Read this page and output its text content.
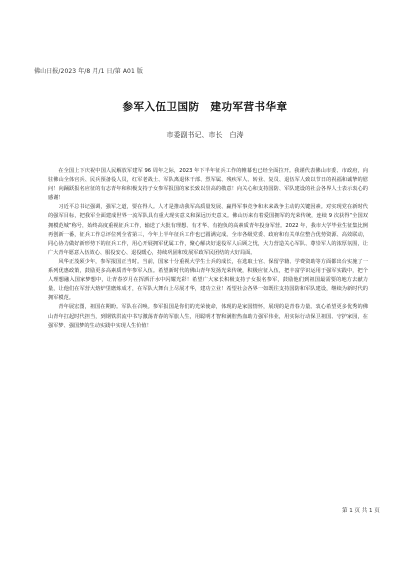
佛山日报/2023 年/8 月/1 日/第 A01 版
参军入伍卫国防　建功军营书华章
市委副书记、市长　白涛

在全国上下庆祝中国人民解放军建军 96 周年之际，2023 年下半年征兵工作的帷幕也已经全面拉开。我谨代表佛山市委、市政府，向驻佛山全体官兵、民兵预备役人员，红军老战士、军队离退休干部、烈军属、残疾军人、转业、复员、退伍军人致以节日的祝福和诚挚的慰问！向踊跃报名应征的有志青年和积极支持子女参军报国的家长致以崇高的敬意！向关心和支持国防、军队建设的社会各界人士表示衷心的感谢！

习近平总书记强调，强军之道，要在得人。人才是推动我军高质量发展、赢得军事竞争和未来战争主动的关键因素。对实现党在新时代的强军目标，把我军全面建成世界一流军队具有重大现实意义和深远历史意义。佛山历来有着爱国拥军的光荣传统，连续 9 次获得“全国双拥模范城”称号，始终高度重视征兵工作，输送了大批有理想、有才华、有抱负的高素质青年投身军营。2022 年，我市大学毕业生征集比例再创新一番，征兵工作总评位列全省第三，今年上半年征兵工作也已圆满完成。全市各级党委、政府和有关单位整合优势资源、高效联动，同心协力做好新形势下的征兵工作，用心开展拥军优属工作，聚心解决好退役军人后顾之忧，大力营造关心军队、尊崇军人的浓厚氛围，让广大青年愿意入伍效心、服役安心、退役暖心，持续巩固和发展军政军民团结的大好局面。

风华正茂须少年，参军报国正当时。当前，国家十分重视大学生士兵的成长，在选取士官、保留学籍、学费资助等方面都出台实施了一系列优惠政策，鼓励更多高素质青年参军入伍。希望新时代的佛山青年发扬光荣传统，积极应征入伍，把丰富学识运用于强军实践中，把个人理想融入国家梦想中，让青春岁月在挥洒汗水中闪耀光彩！希望广大家长积极支持子女报名参军，鼓励他们到祖国最需要的地方去献力量，让他们在军营大熔炉里磨炼成才，在军队大舞台上尽展才华，建功立业！希望社会各界一如既往支持国防和军队建设，继续为新时代的拥军模范。

青年展宏图，祖国在期盼。军队在召唤。参军报国是你们的光荣使命，体现的是家国情怀，展现的是青春力量。衷心希望更多优秀的佛山青年扛起时代担当，到钢铁洪流中书写激荡青春的军旅人生，用聪明才智和满腔热血助力强军伟业，用实际行动保卫祖国、守护家园，在强军梦、强国梦的生动实践中实现人生价值！

第 1 页 共 1 页
